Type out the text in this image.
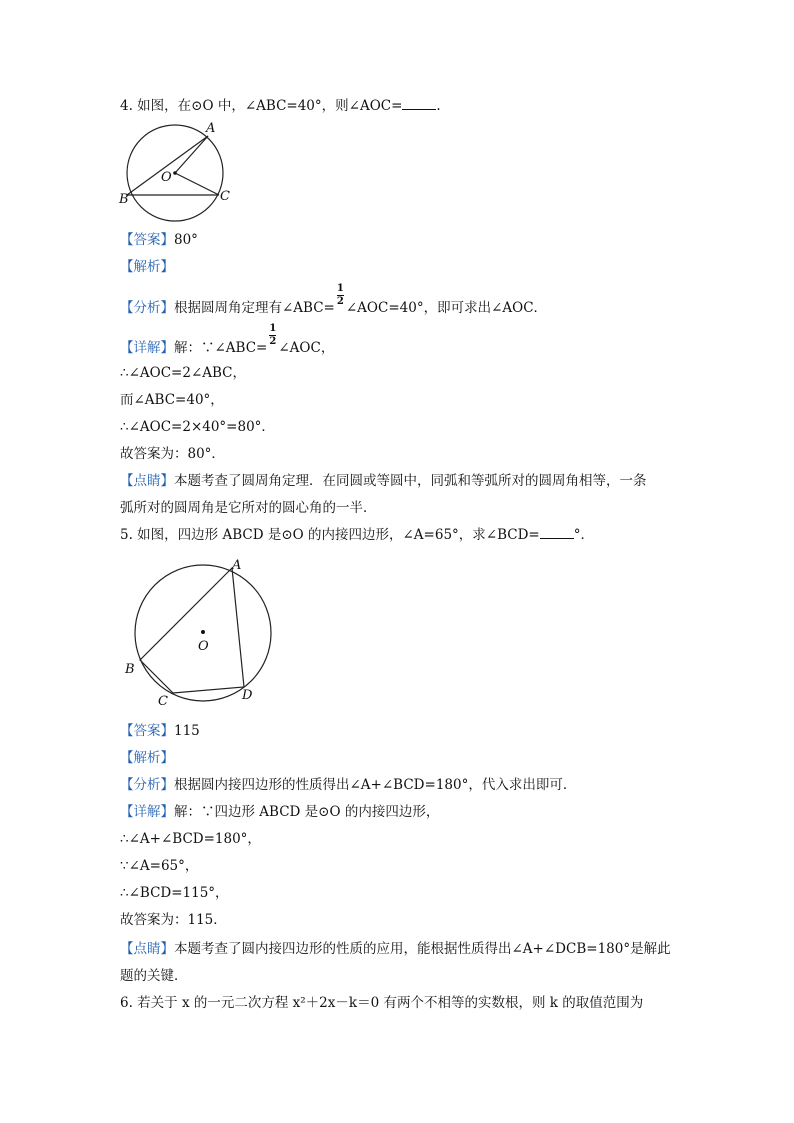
4. 如图，在⊙O 中，∠ABC=40°，则∠AOC=	.
A
B	C
O
【答案】80°
【解析】
【分析】根据圆周角定理有∠ABC= $\frac{1}{2}$ ∠AOC=40°，即可求出∠AOC．
【详解】解：∵∠ABC= $\frac{1}{2}$ ∠AOC，
∴∠AOC=2∠ABC，
而∠ABC=40°，
∴∠AOC=2×40°=80°．
故答案为：80°．
【点睛】本题考查了圆周角定理．在同圆或等圆中，同弧和等弧所对的圆周角相等，一条
弧所对的圆周角是它所对的圆心角的一半．
5. 如图，四边形 ABCD 是⊙O 的内接四边形，∠A=65°，求∠BCD=	°．
A
B
C	D
O
【答案】115
【解析】
【分析】根据圆内接四边形的性质得出∠A+∠BCD=180°，代入求出即可．
【详解】解：∵四边形 ABCD 是⊙O 的内接四边形，
∴∠A+∠BCD=180°，
∵∠A=65°，
∴∠BCD=115°，
故答案为：115．
【点睛】本题考查了圆内接四边形的性质的应用，能根据性质得出∠A+∠DCB=180°是解此
题的关键．
6. 若关于 x 的一元二次方程 x²＋2x－k＝0 有两个不相等的实数根，则 k 的取值范围为
